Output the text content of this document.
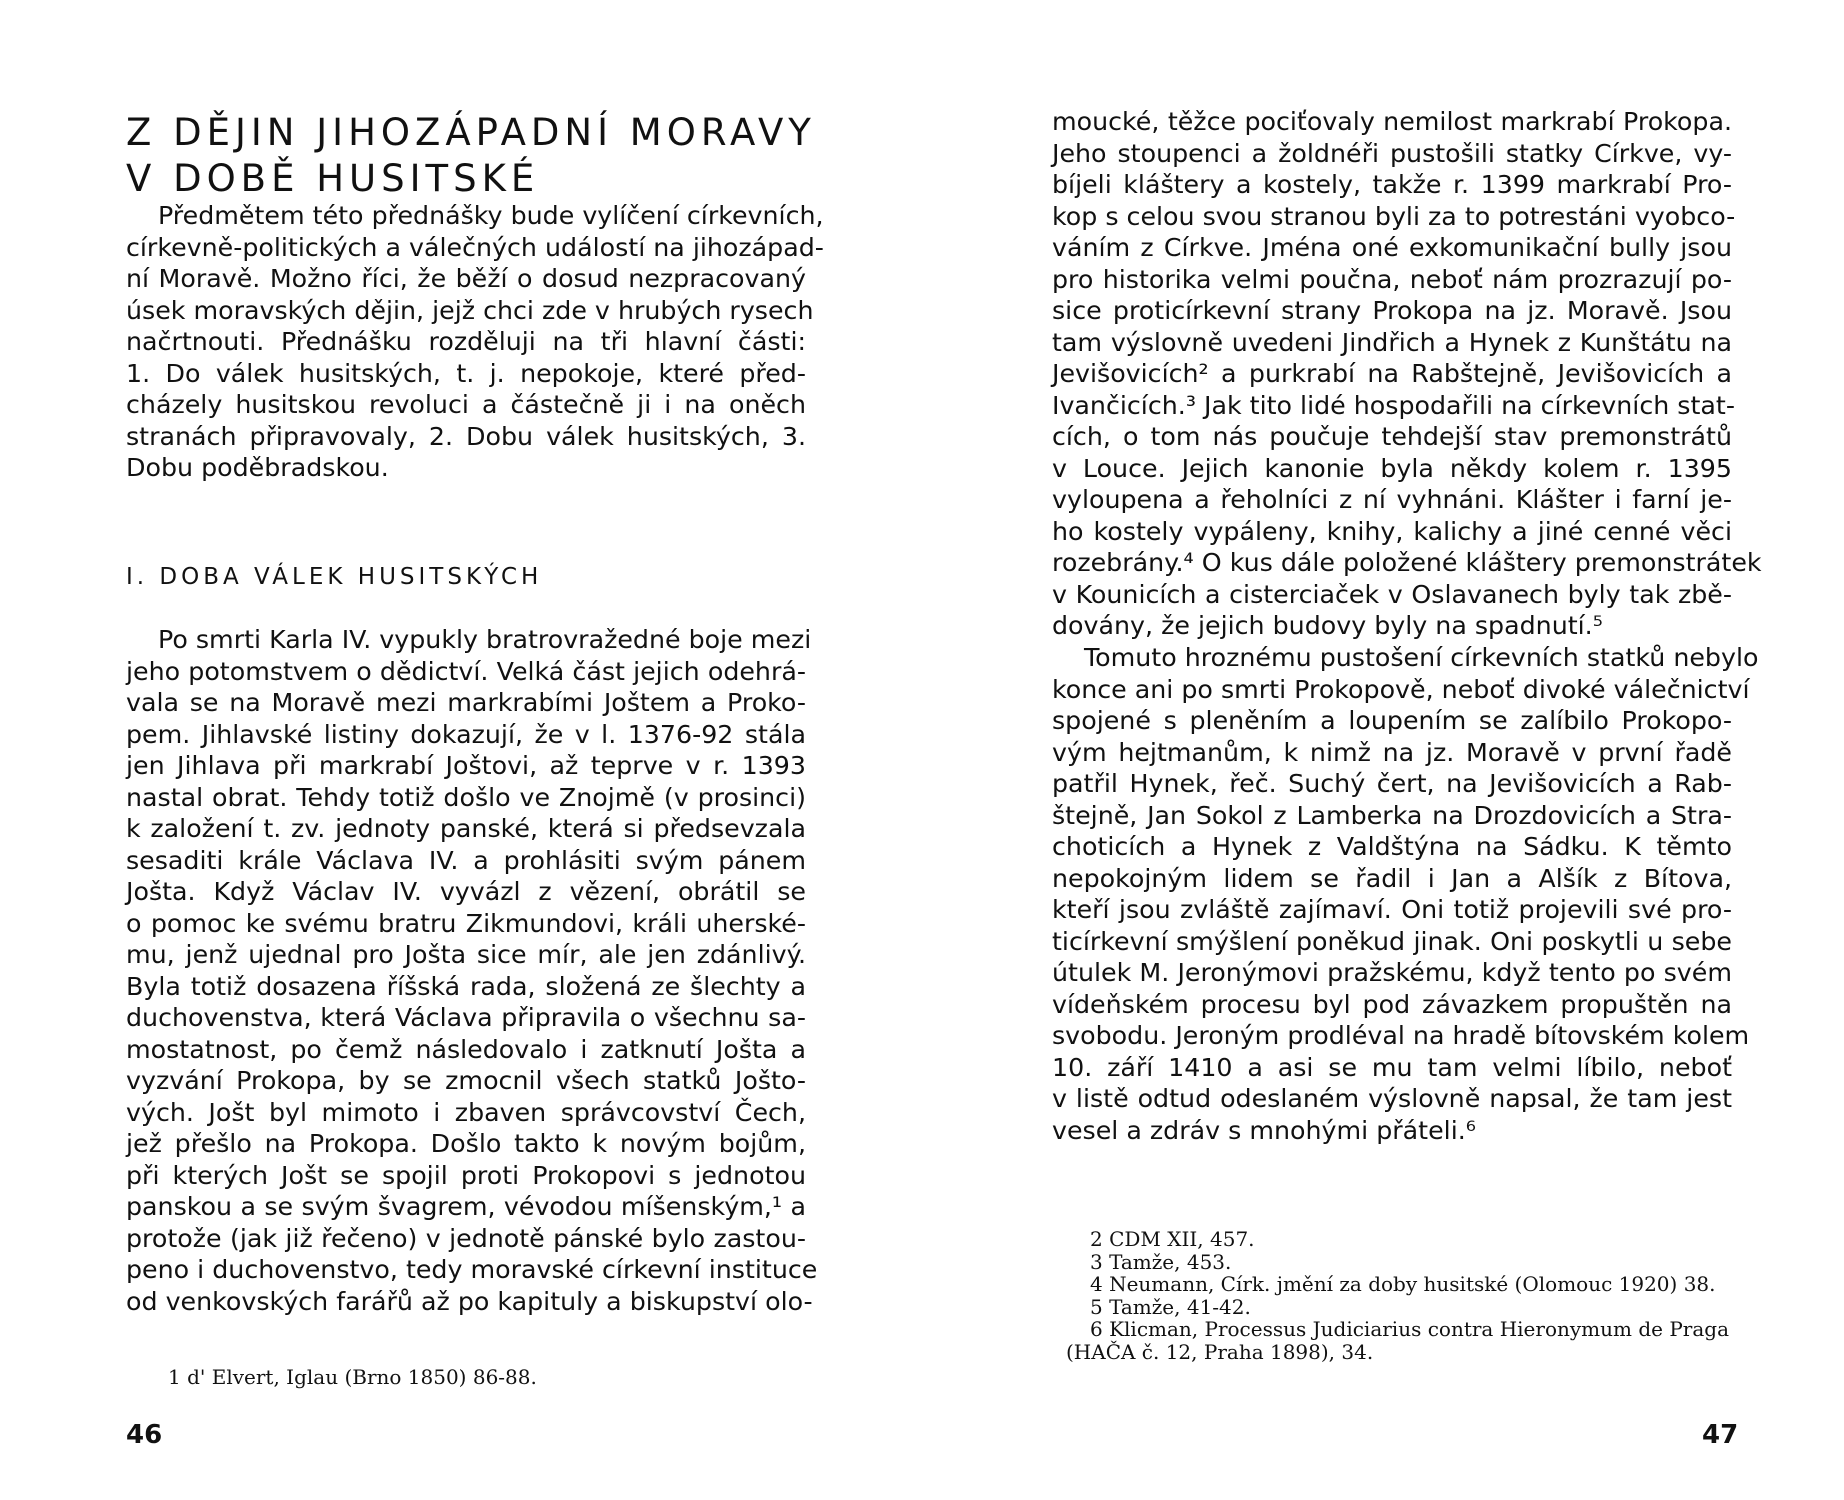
Z DĚJIN JIHOZÁPADNÍ MORAVY
V DOBĚ HUSITSKÉ
Předmětem této přednášky bude vylíčení církevních,
církevně-politických a válečných událostí na jihozápad-
ní Moravě. Možno říci, že běží o dosud nezpracovaný
úsek moravských dějin, jejž chci zde v hrubých rysech
načrtnouti. Přednášku rozděluji na tři hlavní části:
1. Do válek husitských, t. j. nepokoje, které před-
cházely husitskou revoluci a částečně ji i na oněch
stranách připravovaly, 2. Dobu válek husitských, 3.
Dobu poděbradskou.
I. DOBA VÁLEK HUSITSKÝCH
Po smrti Karla IV. vypukly bratrovražedné boje mezi
jeho potomstvem o dědictví. Velká část jejich odehrá-
vala se na Moravě mezi markrabími Joštem a Proko-
pem. Jihlavské listiny dokazují, že v l. 1376-92 stála
jen Jihlava při markrabí Joštovi, až teprve v r. 1393
nastal obrat. Tehdy totiž došlo ve Znojmě (v prosinci)
k založení t. zv. jednoty panské, která si předsevzala
sesaditi krále Václava IV. a prohlásiti svým pánem
Jošta. Když Václav IV. vyvázl z vězení, obrátil se
o pomoc ke svému bratru Zikmundovi, králi uherské-
mu, jenž ujednal pro Jošta sice mír, ale jen zdánlivý.
Byla totiž dosazena říšská rada, složená ze šlechty a
duchovenstva, která Václava připravila o všechnu sa-
mostatnost, po čemž následovalo i zatknutí Jošta a
vyzvání Prokopa, by se zmocnil všech statků Jošto-
vých. Jošt byl mimoto i zbaven správcovství Čech,
jež přešlo na Prokopa. Došlo takto k novým bojům,
při kterých Jošt se spojil proti Prokopovi s jednotou
panskou a se svým švagrem, vévodou míšenským,¹ a
protože (jak již řečeno) v jednotě pánské bylo zastou-
peno i duchovenstvo, tedy moravské církevní instituce
od venkovských farářů až po kapituly a biskupství olo-
1 d' Elvert, Iglau (Brno 1850) 86-88.
46
moucké, těžce pociťovaly nemilost markrabí Prokopa.
Jeho stoupenci a žoldnéři pustošili statky Církve, vy-
bíjeli kláštery a kostely, takže r. 1399 markrabí Pro-
kop s celou svou stranou byli za to potrestáni vyobco-
váním z Církve. Jména oné exkomunikační bully jsou
pro historika velmi poučna, neboť nám prozrazují po-
sice proticírkevní strany Prokopa na jz. Moravě. Jsou
tam výslovně uvedeni Jindřich a Hynek z Kunštátu na
Jevišovicích² a purkrabí na Rabštejně, Jevišovicích a
Ivančicích.³ Jak tito lidé hospodařili na církevních stat-
cích, o tom nás poučuje tehdejší stav premonstrátů
v Louce. Jejich kanonie byla někdy kolem r. 1395
vyloupena a řeholníci z ní vyhnáni. Klášter i farní je-
ho kostely vypáleny, knihy, kalichy a jiné cenné věci
rozebrány.⁴ O kus dále položené kláštery premonstrátek
v Kounicích a cisterciaček v Oslavanech byly tak zbě-
dovány, že jejich budovy byly na spadnutí.⁵
Tomuto hroznému pustošení církevních statků nebylo
konce ani po smrti Prokopově, neboť divoké válečnictví
spojené s pleněním a loupením se zalíbilo Prokopo-
vým hejtmanům, k nimž na jz. Moravě v první řadě
patřil Hynek, řeč. Suchý čert, na Jevišovicích a Rab-
štejně, Jan Sokol z Lamberka na Drozdovicích a Stra-
choticích a Hynek z Valdštýna na Sádku. K těmto
nepokojným lidem se řadil i Jan a Alšík z Bítova,
kteří jsou zvláště zajímaví. Oni totiž projevili své pro-
ticírkevní smýšlení poněkud jinak. Oni poskytli u sebe
útulek M. Jeronýmovi pražskému, když tento po svém
vídeňském procesu byl pod závazkem propuštěn na
svobodu. Jeroným prodléval na hradě bítovském kolem
10. září 1410 a asi se mu tam velmi líbilo, neboť
v listě odtud odeslaném výslovně napsal, že tam jest
vesel a zdráv s mnohými přáteli.⁶
2 CDM XII, 457.
3 Tamže, 453.
4 Neumann, Círk. jmění za doby husitské (Olomouc 1920) 38.
5 Tamže, 41-42.
6 Klicman, Processus Judiciarius contra Hieronymum de Praga
(HAČA č. 12, Praha 1898), 34.
47
